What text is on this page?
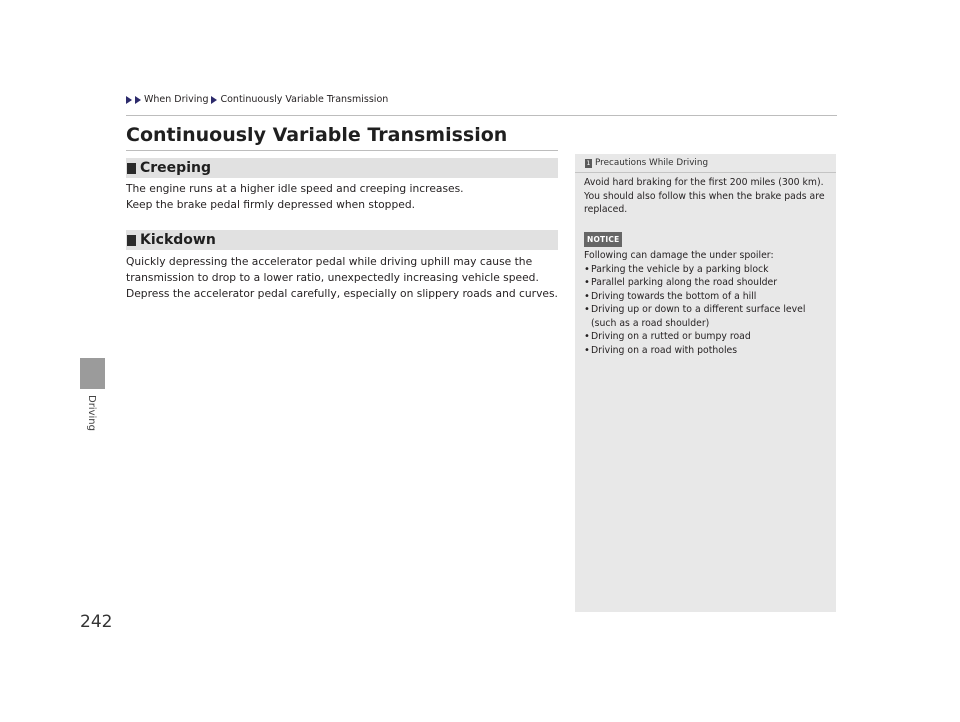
When Driving Continuously Variable Transmission
Driving
242
Continuously Variable Transmission
Creeping

The engine runs at a higher idle speed and creeping increases.

Keep the brake pedal firmly depressed when stopped.

Kickdown

Quickly depressing the accelerator pedal while driving uphill may cause the

transmission to drop to a lower ratio, unexpectedly increasing vehicle speed.

Depress the accelerator pedal carefully, especially on slippery roads and curves.

1 Precautions While Driving

Avoid hard braking for the first 200 miles (300 km).

You should also follow this when the brake pads are

replaced.

NOTICE

Following can damage the under spoiler:

• Parking the vehicle by a parking block
• Parallel parking along the road shoulder
• Driving towards the bottom of a hill
• Driving up or down to a different surface level

(such as a road shoulder)

• Driving on a rutted or bumpy road
• Driving on a road with potholes
